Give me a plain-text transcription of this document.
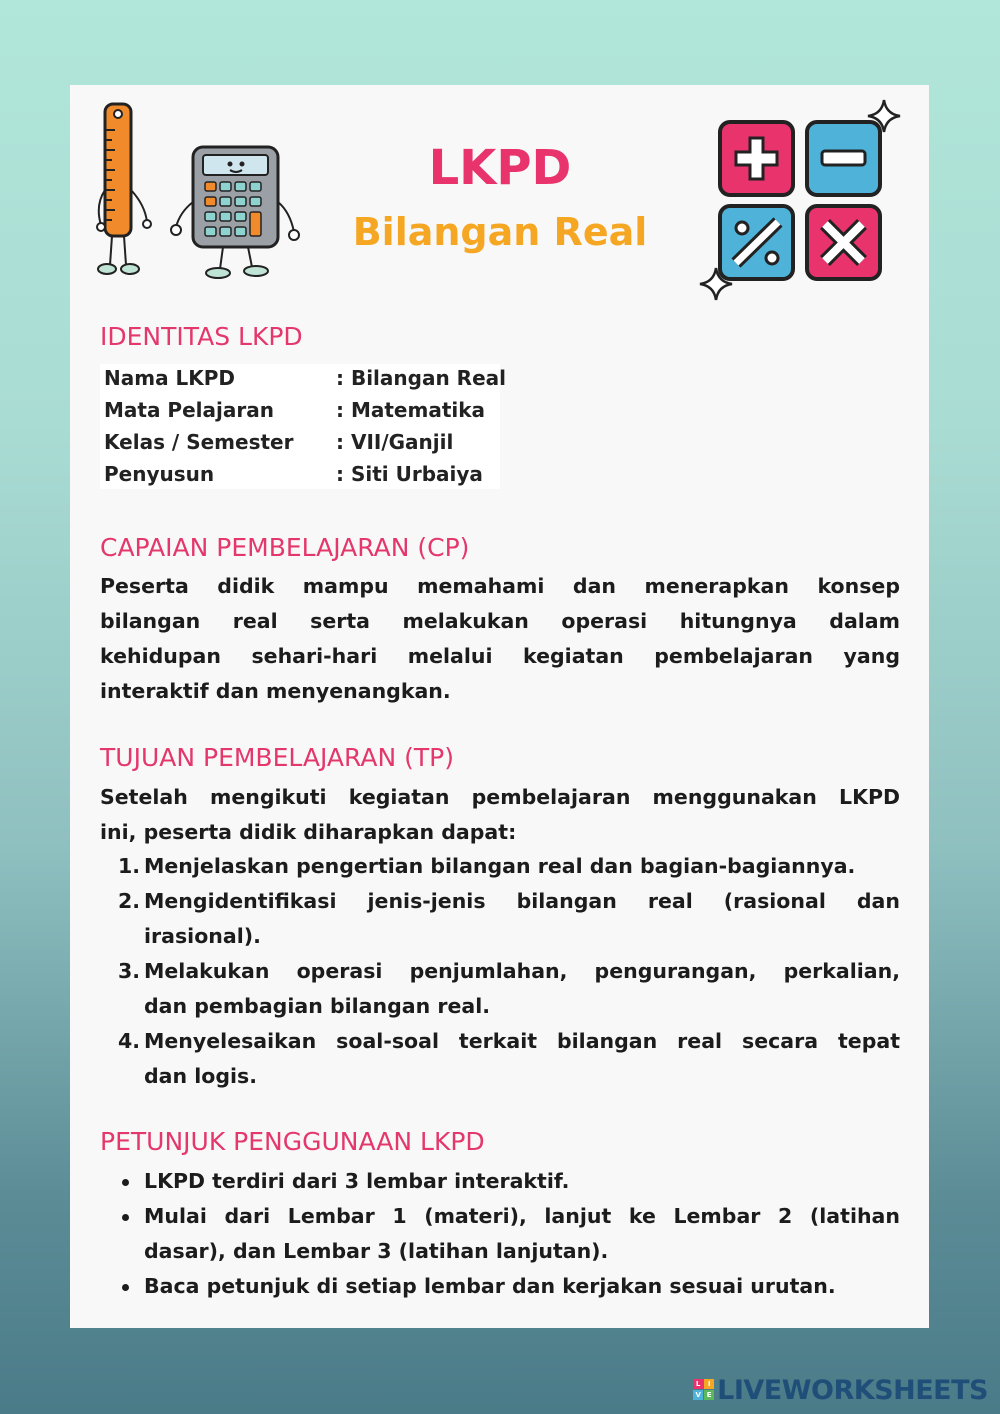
LKPD
Bilangan Real
IDENTITAS LKPD
Nama LKPD	: Bilangan Real
Mata Pelajaran	: Matematika
Kelas / Semester : VII/Ganjil
Penyusun	: Siti Urbaiya
CAPAIAN PEMBELAJARAN (CP)
Peserta didik mampu memahami dan menerapkan konsep
bilangan real serta melakukan operasi hitungnya dalam
kehidupan sehari-hari melalui kegiatan pembelajaran yang
interaktif dan menyenangkan.
TUJUAN PEMBELAJARAN (TP)
Setelah mengikuti kegiatan pembelajaran menggunakan LKPD
ini, peserta didik diharapkan dapat:
1. Menjelaskan pengertian bilangan real dan bagian-bagiannya.
2. Mengidentifikasi jenis-jenis bilangan real (rasional dan
irasional).
3. Melakukan operasi penjumlahan, pengurangan, perkalian,
dan pembagian bilangan real.
4. Menyelesaikan soal-soal terkait bilangan real secara tepat
dan logis.
PETUNJUK PENGGUNAAN LKPD
LKPD terdiri dari 3 lembar interaktif.
Mulai dari Lembar 1 (materi), lanjut ke Lembar 2 (latihan
dasar), dan Lembar 3 (latihan lanjutan).
Baca petunjuk di setiap lembar dan kerjakan sesuai urutan.
L	I
V E LIVEWORKSHEETS
